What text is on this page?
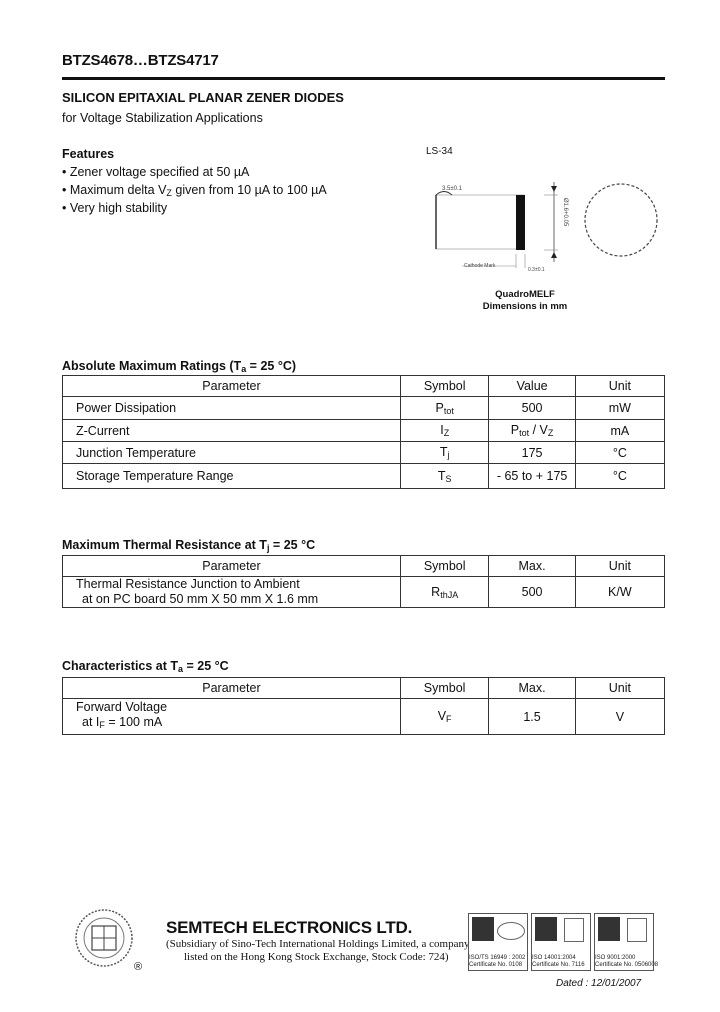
BTZS4678…BTZS4717
SILICON EPITAXIAL PLANAR ZENER DIODES
for Voltage Stabilization Applications
Features
• Zener voltage specified at 50 µA
• Maximum delta $V_Z$ given from 10 µA to 100 µA
• Very high stability
LS-34
3.5±0.1
Cathode Mark
0.3±0.1
Ø1.6+0.05
QuadroMELF
Dimensions in mm
Absolute Maximum Ratings ($T_a = 25$ °C)
Parameter	Symbol	Value	Unit
Power Dissipation	$P_{tot}$	500	mW
Z-Current	$I_Z$	$P_{tot} / V_Z$	mA
Junction Temperature	$T_j$	175	°C
Storage Temperature Range	$T_S$	- 65 to + 175	°C
Maximum Thermal Resistance at $T_j = 25$ °C
Parameter	Symbol	Max.	Unit

Thermal Resistance Junction to Ambient
at on PC board 50 mm X 50 mm X 1.6 mm	$R_{thJA}$	500	K/W
Characteristics at $T_a = 25$ °C
Parameter	Symbol	Max.	Unit

Forward Voltage
at $I_F = 100$ mA	$V_F$	1.5	V
®
SEMTECH ELECTRONICS LTD.
(Subsidiary of Sino-Tech International Holdings Limited, a company
listed on the Hong Kong Stock Exchange, Stock Code: 724)	ISO/TS 16949 : 2002
Certificate No. 0108
ISO 14001:2004
Certificate No. 7116
ISO 9001:2000
Certificate No. 0506008
Dated : 12/01/2007
